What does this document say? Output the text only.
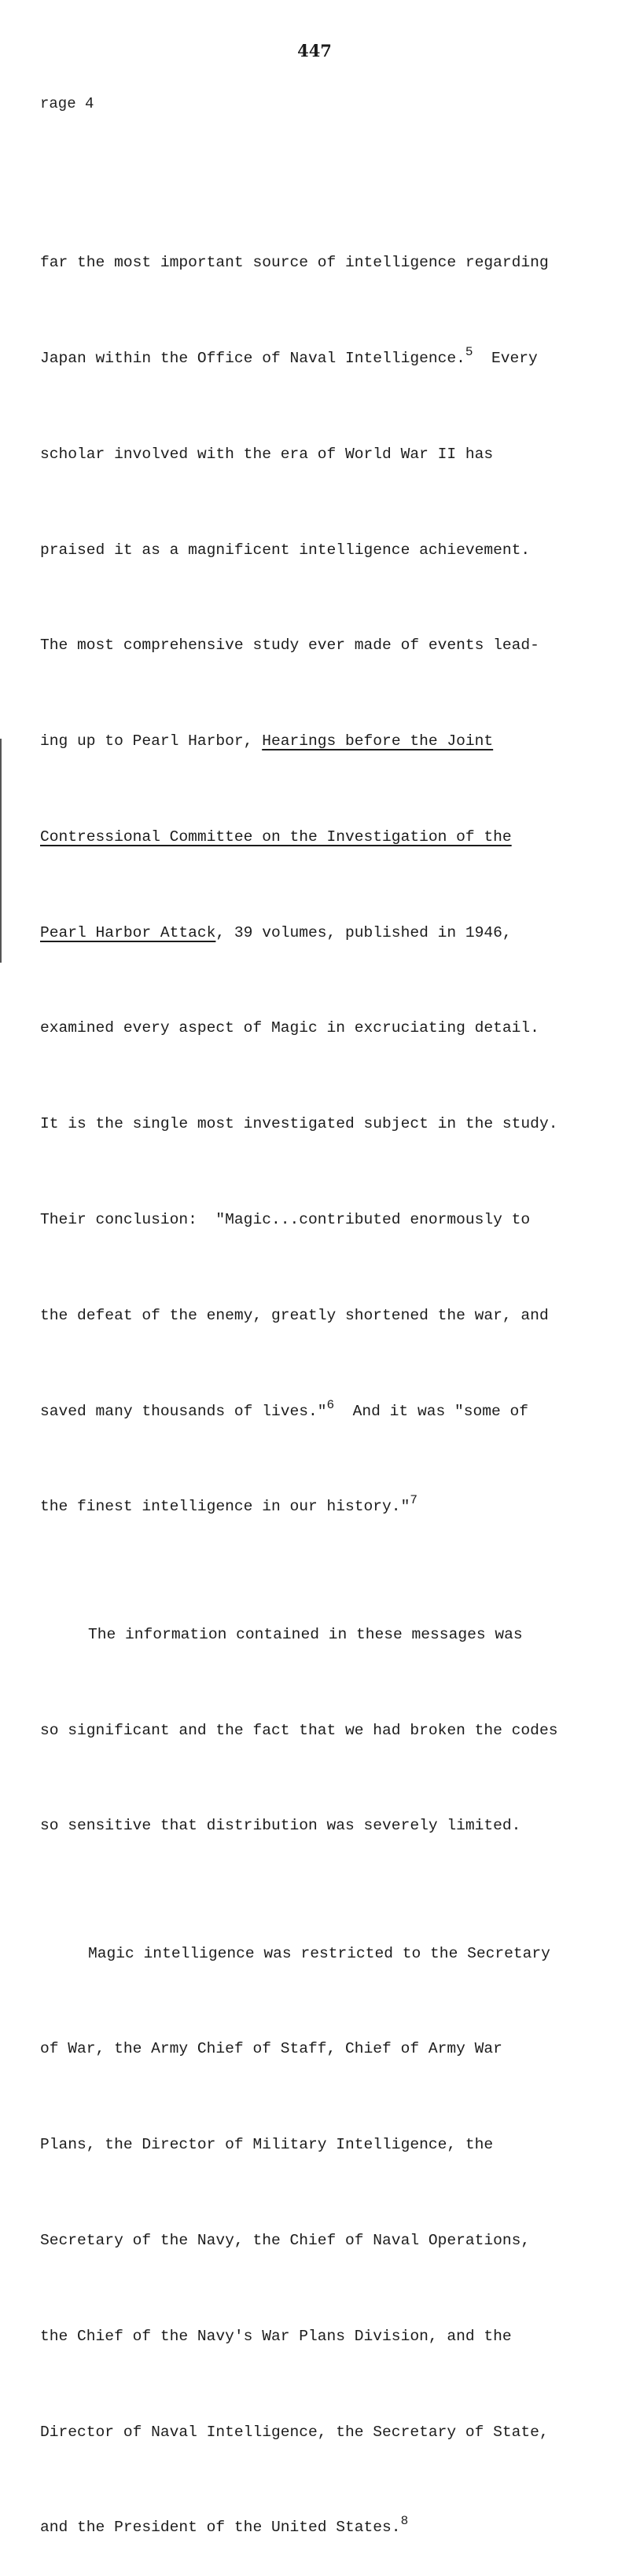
447
rage 4

far the most important source of intelligence regarding

Japan within the Office of Naval Intelligence.$^5$  Every

scholar involved with the era of World War II has

praised it as a magnificent intelligence achievement.

The most comprehensive study ever made of events lead-

ing up to Pearl Harbor, Hearings before the Joint

Contressional Committee on the Investigation of the

Pearl Harbor Attack, 39 volumes, published in 1946,

examined every aspect of Magic in excruciating detail.

It is the single most investigated subject in the study.

Their conclusion:  "Magic...contributed enormously to

the defeat of the enemy, greatly shortened the war, and

saved many thousands of lives."$^6$  And it was "some of

the finest intelligence in our history."$^7$

The information contained in these messages was

so significant and the fact that we had broken the codes

so sensitive that distribution was severely limited.

Magic intelligence was restricted to the Secretary

of War, the Army Chief of Staff, Chief of Army War

Plans, the Director of Military Intelligence, the

Secretary of the Navy, the Chief of Naval Operations,

the Chief of the Navy's War Plans Division, and the

Director of Naval Intelligence, the Secretary of State,

and the President of the United States.$^8$
